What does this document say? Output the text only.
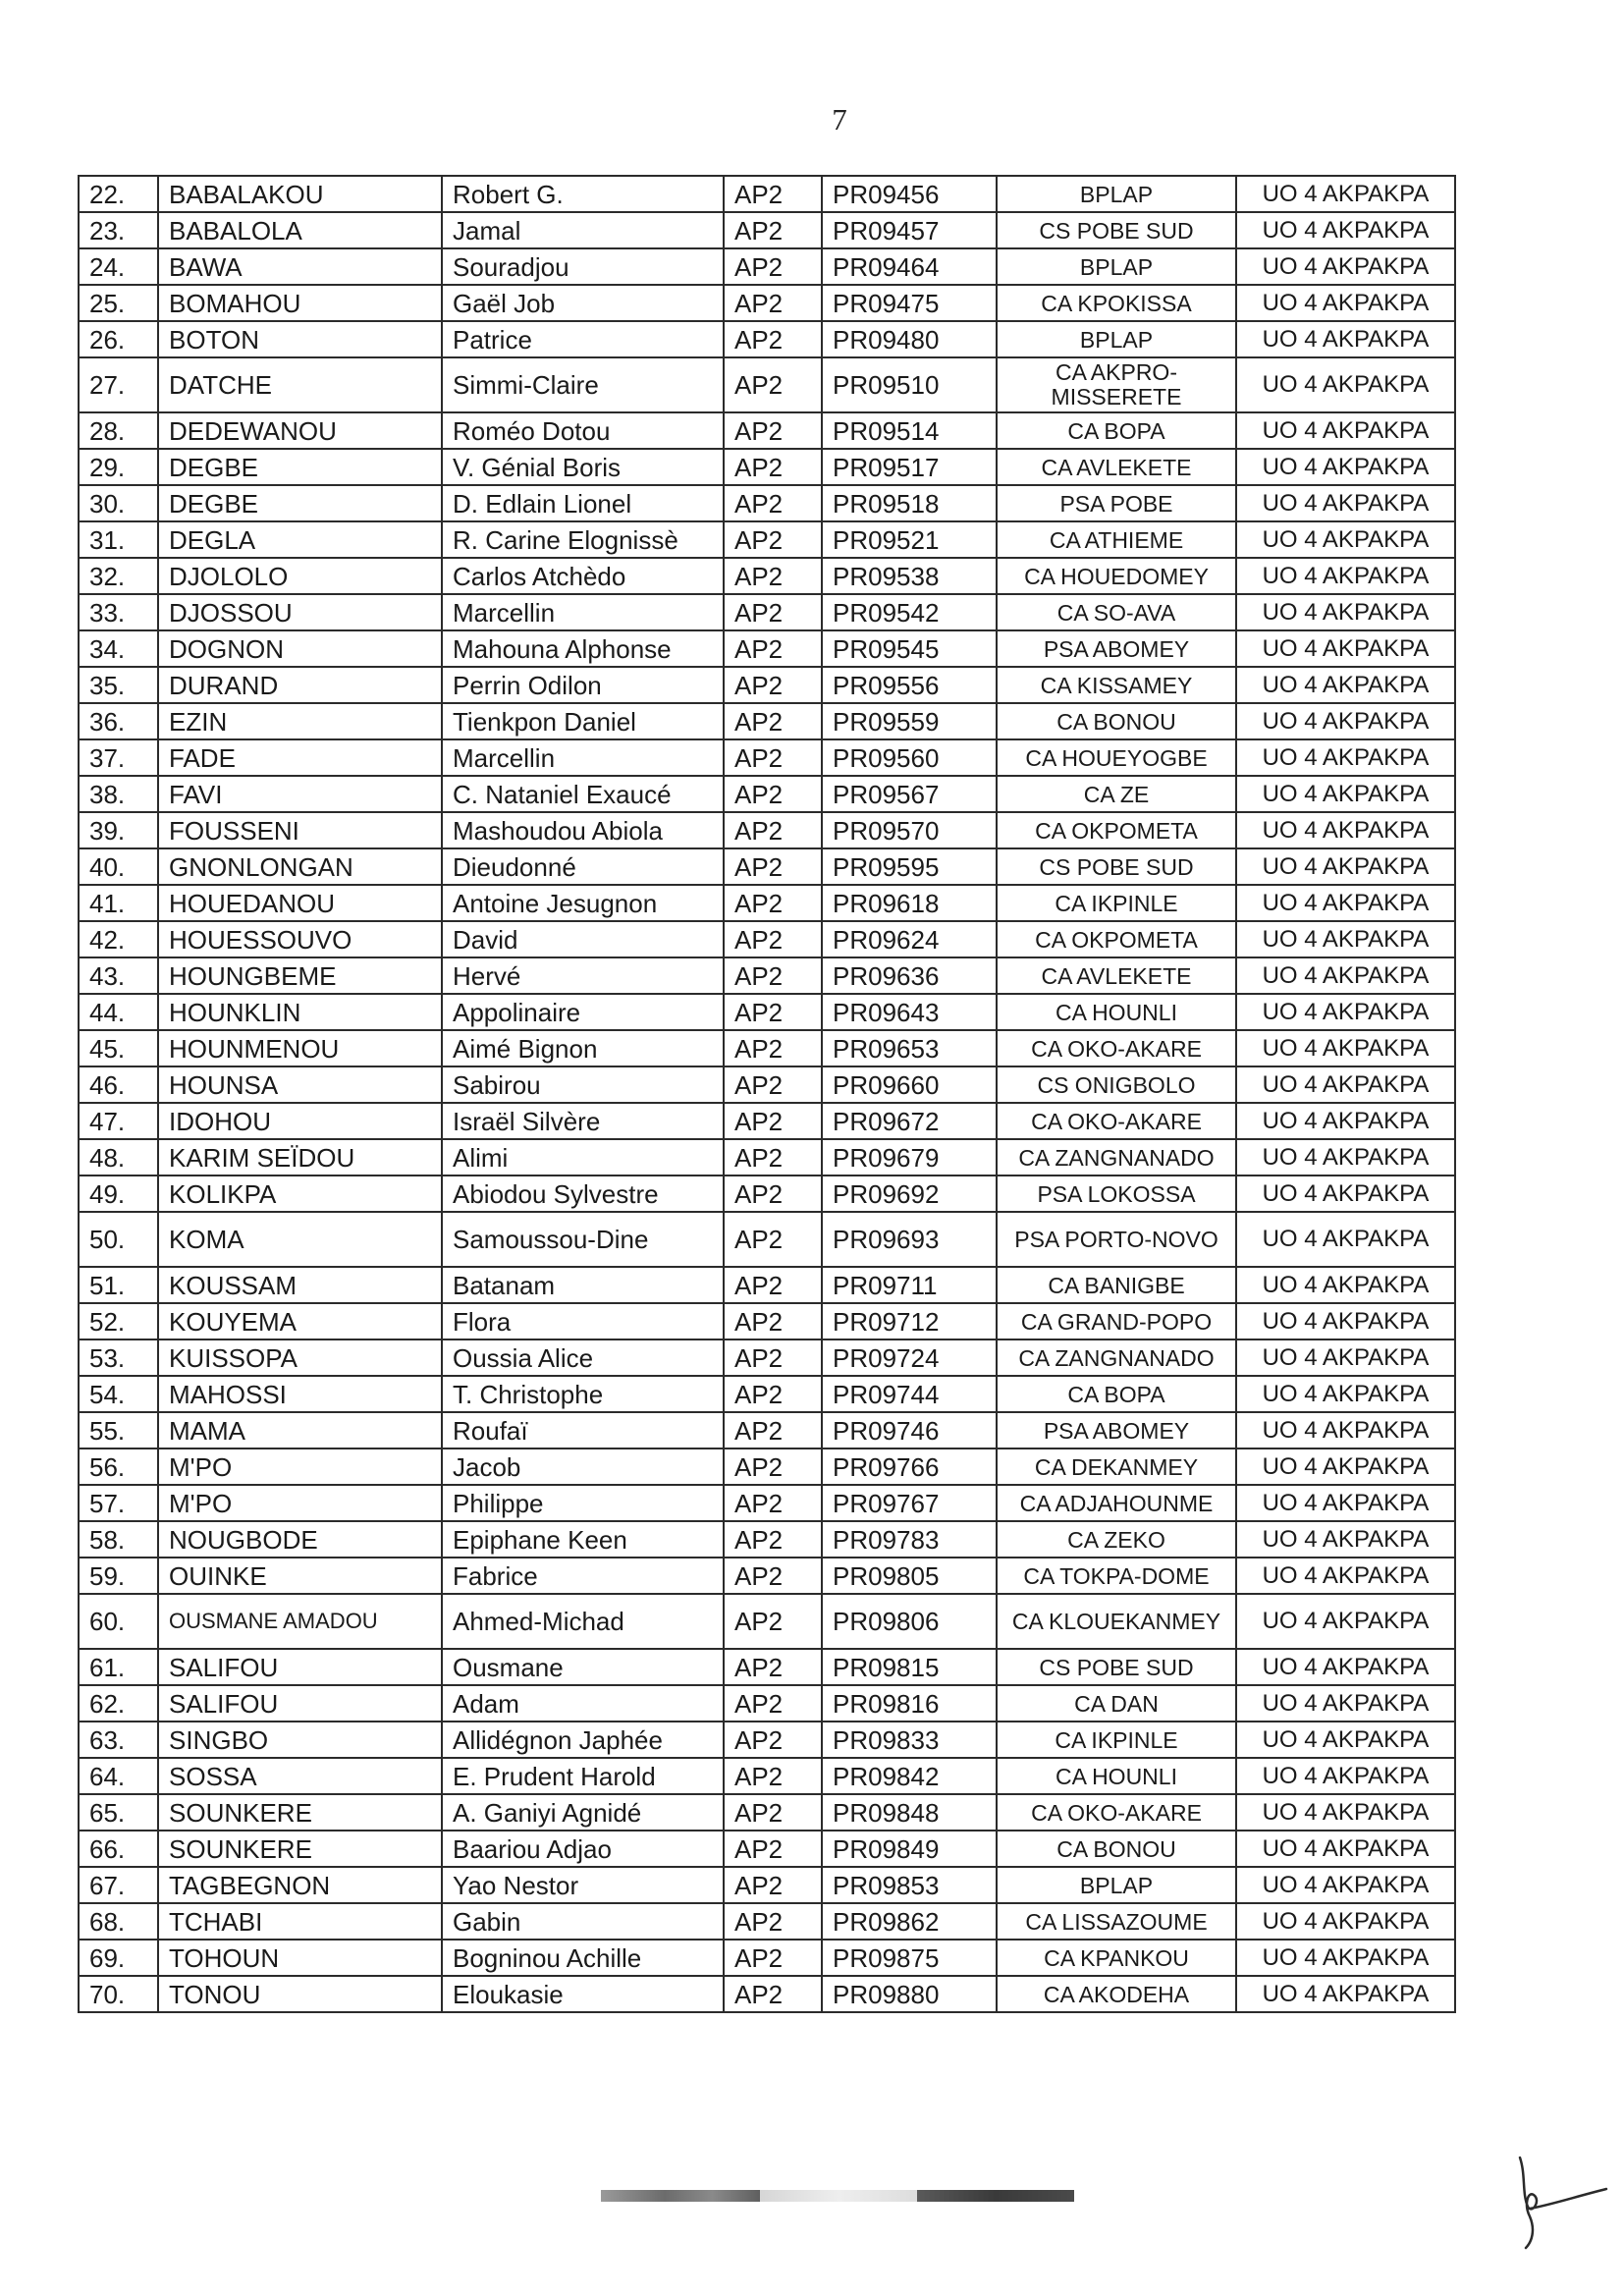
7
22.	BABALAKOU	Robert G.	AP2	PR09456	BPLAP	UO 4 AKPAKPA
23.	BABALOLA	Jamal	AP2	PR09457	CS POBE SUD	UO 4 AKPAKPA
24.	BAWA	Souradjou	AP2	PR09464	BPLAP	UO 4 AKPAKPA
25.	BOMAHOU	Gaël Job	AP2	PR09475	CA KPOKISSA	UO 4 AKPAKPA
26.	BOTON	Patrice	AP2	PR09480	BPLAP	UO 4 AKPAKPA
27.	DATCHE	Simmi-Claire	AP2	PR09510	CA AKPRO-MISSERETE	UO 4 AKPAKPA
28.	DEDEWANOU	Roméo Dotou	AP2	PR09514	CA BOPA	UO 4 AKPAKPA
29.	DEGBE	V. Génial Boris	AP2	PR09517	CA AVLEKETE	UO 4 AKPAKPA
30.	DEGBE	D. Edlain Lionel	AP2	PR09518	PSA POBE	UO 4 AKPAKPA
31.	DEGLA	R. Carine Elognissè	AP2	PR09521	CA ATHIEME	UO 4 AKPAKPA
32.	DJOLOLO	Carlos Atchèdo	AP2	PR09538	CA HOUEDOMEY	UO 4 AKPAKPA
33.	DJOSSOU	Marcellin	AP2	PR09542	CA SO-AVA	UO 4 AKPAKPA
34.	DOGNON	Mahouna Alphonse	AP2	PR09545	PSA ABOMEY	UO 4 AKPAKPA
35.	DURAND	Perrin Odilon	AP2	PR09556	CA KISSAMEY	UO 4 AKPAKPA
36.	EZIN	Tienkpon Daniel	AP2	PR09559	CA BONOU	UO 4 AKPAKPA
37.	FADE	Marcellin	AP2	PR09560	CA HOUEYOGBE	UO 4 AKPAKPA
38.	FAVI	C. Nataniel Exaucé	AP2	PR09567	CA ZE	UO 4 AKPAKPA
39.	FOUSSENI	Mashoudou Abiola	AP2	PR09570	CA OKPOMETA	UO 4 AKPAKPA
40.	GNONLONGAN	Dieudonné	AP2	PR09595	CS POBE SUD	UO 4 AKPAKPA
41.	HOUEDANOU	Antoine Jesugnon	AP2	PR09618	CA IKPINLE	UO 4 AKPAKPA
42.	HOUESSOUVO	David	AP2	PR09624	CA OKPOMETA	UO 4 AKPAKPA
43.	HOUNGBEME	Hervé	AP2	PR09636	CA AVLEKETE	UO 4 AKPAKPA
44.	HOUNKLIN	Appolinaire	AP2	PR09643	CA HOUNLI	UO 4 AKPAKPA
45.	HOUNMENOU	Aimé Bignon	AP2	PR09653	CA OKO-AKARE	UO 4 AKPAKPA
46.	HOUNSA	Sabirou	AP2	PR09660	CS ONIGBOLO	UO 4 AKPAKPA
47.	IDOHOU	Israël Silvère	AP2	PR09672	CA OKO-AKARE	UO 4 AKPAKPA
48.	KARIM SEÏDOU	Alimi	AP2	PR09679	CA ZANGNANADO	UO 4 AKPAKPA
49.	KOLIKPA	Abiodou Sylvestre	AP2	PR09692	PSA LOKOSSA	UO 4 AKPAKPA
50.	KOMA	Samoussou-Dine	AP2	PR09693	PSA PORTO-NOVO	UO 4 AKPAKPA
51.	KOUSSAM	Batanam	AP2	PR09711	CA BANIGBE	UO 4 AKPAKPA
52.	KOUYEMA	Flora	AP2	PR09712	CA GRAND-POPO	UO 4 AKPAKPA
53.	KUISSOPA	Oussia Alice	AP2	PR09724	CA ZANGNANADO	UO 4 AKPAKPA
54.	MAHOSSI	T. Christophe	AP2	PR09744	CA BOPA	UO 4 AKPAKPA
55.	MAMA	Roufaï	AP2	PR09746	PSA ABOMEY	UO 4 AKPAKPA
56.	M'PO	Jacob	AP2	PR09766	CA DEKANMEY	UO 4 AKPAKPA
57.	M'PO	Philippe	AP2	PR09767	CA ADJAHOUNME	UO 4 AKPAKPA
58.	NOUGBODE	Epiphane Keen	AP2	PR09783	CA ZEKO	UO 4 AKPAKPA
59.	OUINKE	Fabrice	AP2	PR09805	CA TOKPA-DOME	UO 4 AKPAKPA
60.	OUSMANE AMADOU	Ahmed-Michad	AP2	PR09806	CA KLOUEKANMEY	UO 4 AKPAKPA
61.	SALIFOU	Ousmane	AP2	PR09815	CS POBE SUD	UO 4 AKPAKPA
62.	SALIFOU	Adam	AP2	PR09816	CA DAN	UO 4 AKPAKPA
63.	SINGBO	Allidégnon Japhée	AP2	PR09833	CA IKPINLE	UO 4 AKPAKPA
64.	SOSSA	E. Prudent Harold	AP2	PR09842	CA HOUNLI	UO 4 AKPAKPA
65.	SOUNKERE	A. Ganiyi Agnidé	AP2	PR09848	CA OKO-AKARE	UO 4 AKPAKPA
66.	SOUNKERE	Baariou Adjao	AP2	PR09849	CA BONOU	UO 4 AKPAKPA
67.	TAGBEGNON	Yao Nestor	AP2	PR09853	BPLAP	UO 4 AKPAKPA
68.	TCHABI	Gabin	AP2	PR09862	CA LISSAZOUME	UO 4 AKPAKPA
69.	TOHOUN	Bogninou Achille	AP2	PR09875	CA KPANKOU	UO 4 AKPAKPA
70.	TONOU	Eloukasie	AP2	PR09880	CA AKODEHA	UO 4 AKPAKPA
